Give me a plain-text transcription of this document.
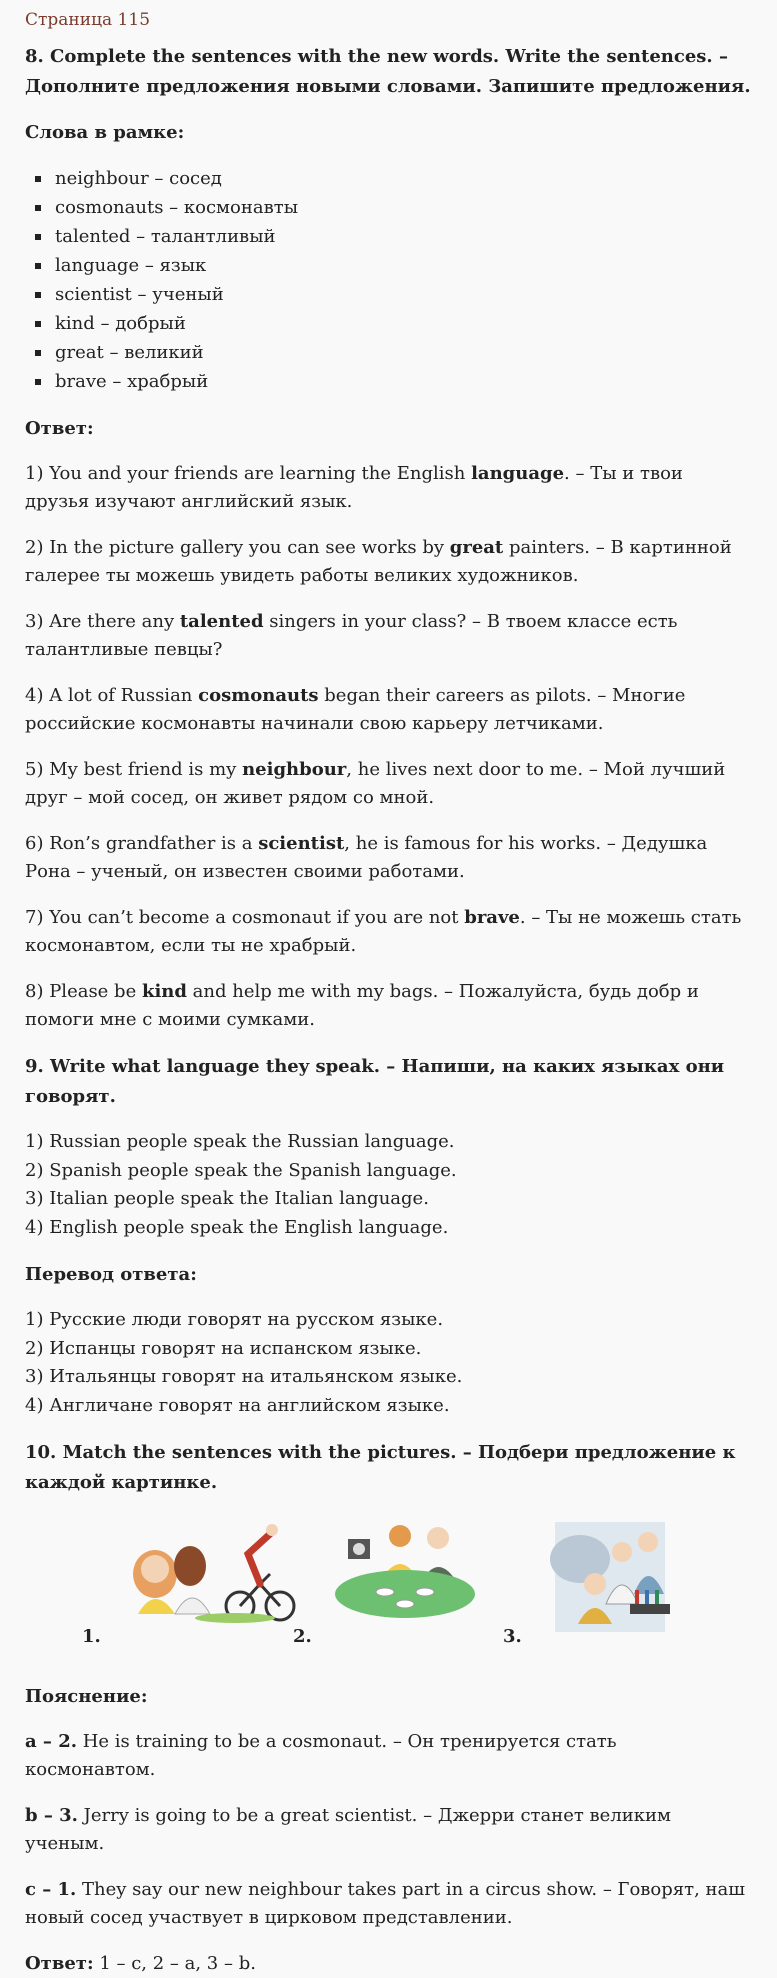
Страница 115
8. Complete the sentences with the new words. Write the sentences. – Дополните предложения новыми словами. Запишите предложения.
Слова в рамке:
neighbour – сосед
cosmonauts – космонавты
talented – талантливый
language – язык
scientist – ученый
kind – добрый
great – великий
brave – храбрый
Ответ:

1) You and your friends are learning the English language. – Ты и твои друзья изучают английский язык.

2) In the picture gallery you can see works by great painters. – В картинной галерее ты можешь увидеть работы великих художников.

3) Are there any talented singers in your class? – В твоем классе есть талантливые певцы?

4) A lot of Russian cosmonauts began their careers as pilots. – Многие российские космонавты начинали свою карьеру летчиками.

5) My best friend is my neighbour, he lives next door to me. – Мой лучший друг – мой сосед, он живет рядом со мной.

6) Ron’s grandfather is a scientist, he is famous for his works. – Дедушка Рона – ученый, он известен своими работами.

7) You can’t become a cosmonaut if you are not brave. – Ты не можешь стать космонавтом, если ты не храбрый.

8) Please be kind and help me with my bags. – Пожалуйста, будь добр и помоги мне с моими сумками.

9. Write what language they speak. – Напиши, на каких языках они говорят.
1) Russian people speak the Russian language.
2) Spanish people speak the Spanish language.
3) Italian people speak the Italian language.
4) English people speak the English language.
Перевод ответа:
1) Русские люди говорят на русском языке.
2) Испанцы говорят на испанском языке.
3) Итальянцы говорят на итальянском языке.
4) Англичане говорят на английском языке.
10. Match the sentences with the pictures. – Подбери предложение к каждой картинке.
1.	2.	3.
Пояснение:

a – 2. He is training to be a cosmonaut. – Он тренируется стать космонавтом.

b – 3. Jerry is going to be a great scientist. – Джерри станет великим ученым.

c – 1. They say our new neighbour takes part in a circus show. – Говорят, наш новый сосед участвует в цирковом представлении.

Ответ: 1 – c, 2 – a, 3 – b.
